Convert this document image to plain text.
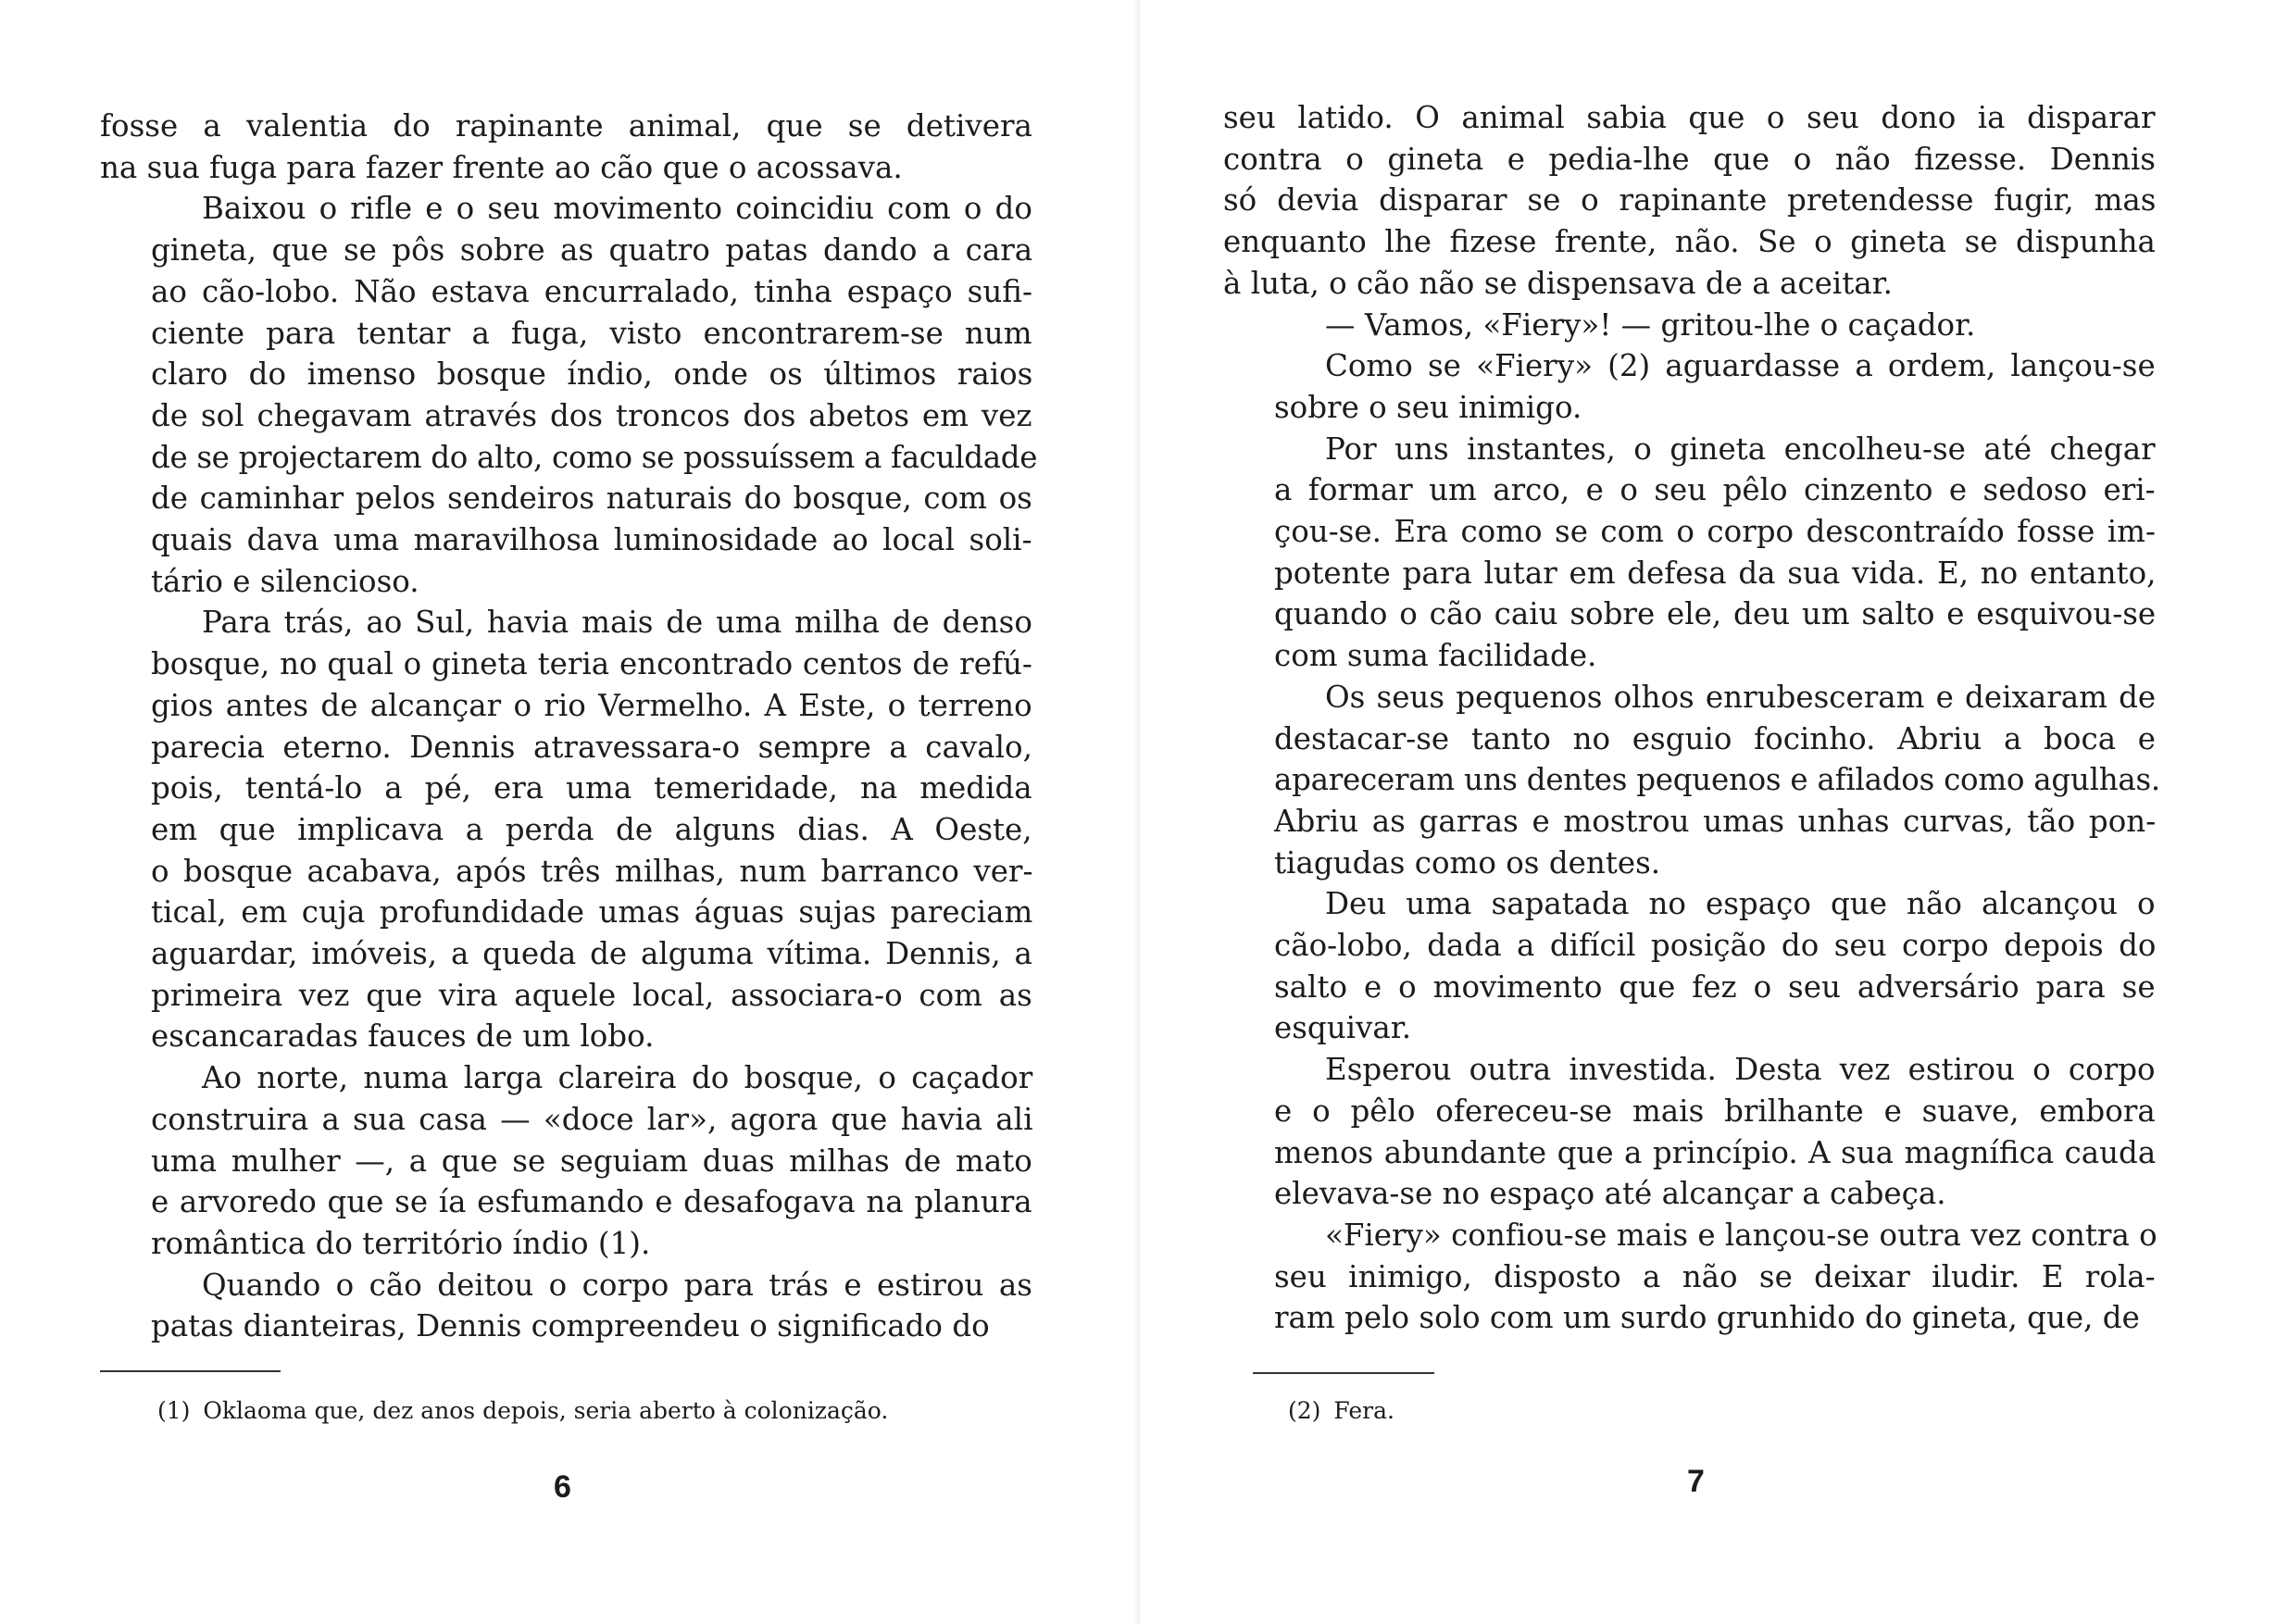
fosse a valentia do rapinante animal, que se detivera
na sua fuga para fazer frente ao cão que o acossava.

Baixou o rifle e o seu movimento coincidiu com o do
gineta, que se pôs sobre as quatro patas dando a cara
ao cão-lobo. Não estava encurralado, tinha espaço sufi-
ciente para tentar a fuga, visto encontrarem-se num
claro do imenso bosque índio, onde os últimos raios
de sol chegavam através dos troncos dos abetos em vez
de se projectarem do alto, como se possuíssem a faculdade
de caminhar pelos sendeiros naturais do bosque, com os
quais dava uma maravilhosa luminosidade ao local soli-
tário e silencioso.

Para trás, ao Sul, havia mais de uma milha de denso
bosque, no qual o gineta teria encontrado centos de refú-
gios antes de alcançar o rio Vermelho. A Este, o terreno
parecia eterno. Dennis atravessara-o sempre a cavalo,
pois, tentá-lo a pé, era uma temeridade, na medida
em que implicava a perda de alguns dias. A Oeste,
o bosque acabava, após três milhas, num barranco ver-
tical, em cuja profundidade umas águas sujas pareciam
aguardar, imóveis, a queda de alguma vítima. Dennis, a
primeira vez que vira aquele local, associara-o com as
escancaradas fauces de um lobo.

Ao norte, numa larga clareira do bosque, o caçador
construira a sua casa — «doce lar», agora que havia ali
uma mulher —, a que se seguiam duas milhas de mato
e arvoredo que se ía esfumando e desafogava na planura
romântica do território índio (1).

Quando o cão deitou o corpo para trás e estirou as
patas dianteiras, Dennis compreendeu o significado do

(1) Oklaoma que, dez anos depois, seria aberto à colonização.
6

seu latido. O animal sabia que o seu dono ia disparar
contra o gineta e pedia-lhe que o não fizesse. Dennis
só devia disparar se o rapinante pretendesse fugir, mas
enquanto lhe fizese frente, não. Se o gineta se dispunha
à luta, o cão não se dispensava de a aceitar.

— Vamos, «Fiery»! — gritou-lhe o caçador.

Como se «Fiery» (2) aguardasse a ordem, lançou-se
sobre o seu inimigo.

Por uns instantes, o gineta encolheu-se até chegar
a formar um arco, e o seu pêlo cinzento e sedoso eri-
çou-se. Era como se com o corpo descontraído fosse im-
potente para lutar em defesa da sua vida. E, no entanto,
quando o cão caiu sobre ele, deu um salto e esquivou-se
com suma facilidade.

Os seus pequenos olhos enrubesceram e deixaram de
destacar-se tanto no esguio focinho. Abriu a boca e
apareceram uns dentes pequenos e afilados como agulhas.
Abriu as garras e mostrou umas unhas curvas, tão pon-
tiagudas como os dentes.

Deu uma sapatada no espaço que não alcançou o
cão-lobo, dada a difícil posição do seu corpo depois do
salto e o movimento que fez o seu adversário para se
esquivar.

Esperou outra investida. Desta vez estirou o corpo
e o pêlo ofereceu-se mais brilhante e suave, embora
menos abundante que a princípio. A sua magnífica cauda
elevava-se no espaço até alcançar a cabeça.

«Fiery» confiou-se mais e lançou-se outra vez contra o
seu inimigo, disposto a não se deixar iludir. E rola-
ram pelo solo com um surdo grunhido do gineta, que, de

(2) Fera.
7
